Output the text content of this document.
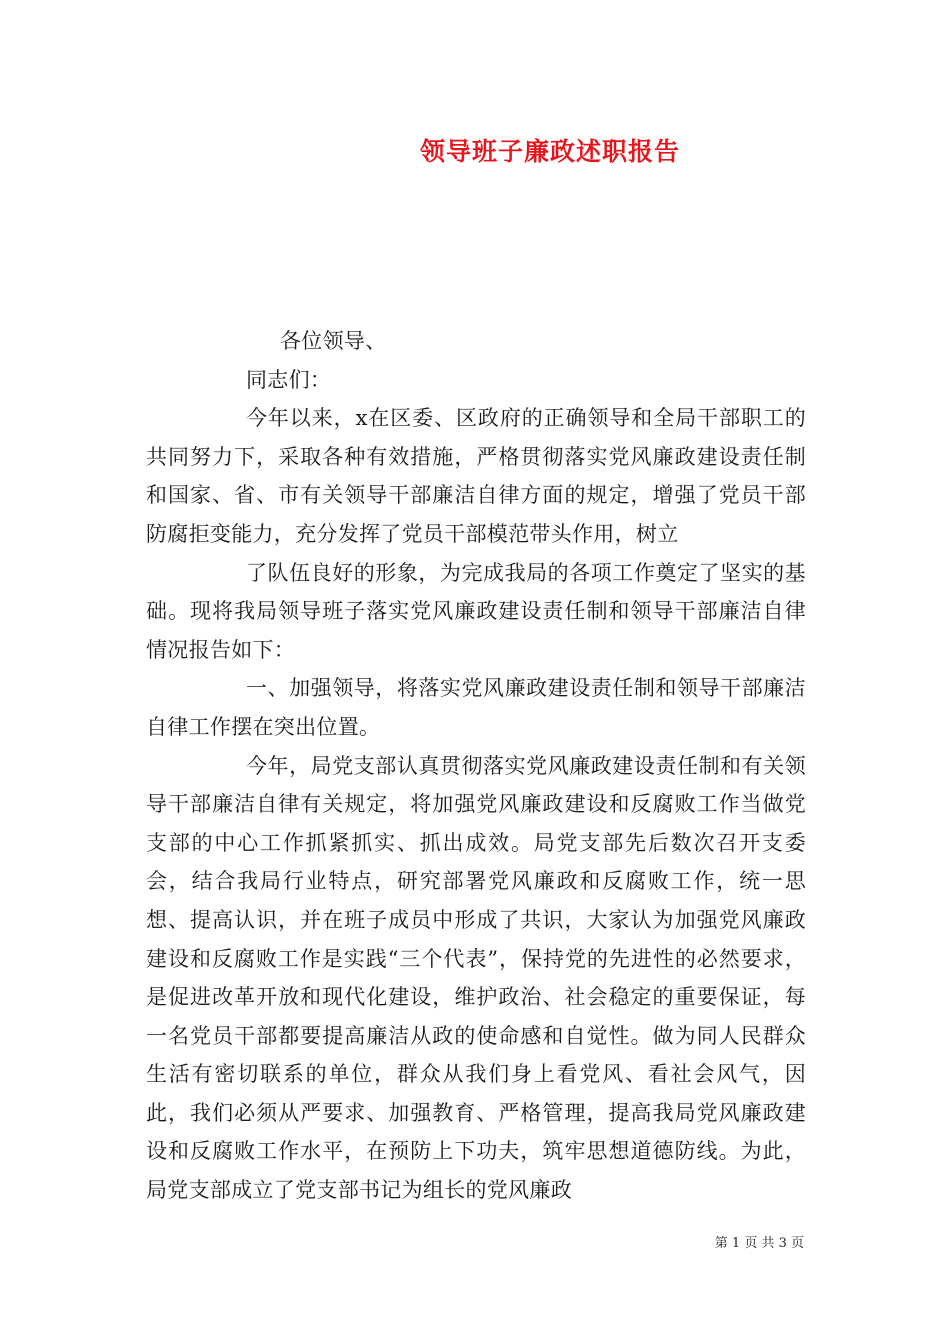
领导班子廉政述职报告

各位领导、

同志们：

今年以来，x在区委、区政府的正确领导和全局干部职工的共同努力下，采取各种有效措施，严格贯彻落实党风廉政建设责任制和国家、省、市有关领导干部廉洁自律方面的规定，增强了党员干部防腐拒变能力，充分发挥了党员干部模范带头作用，树立

了队伍良好的形象，为完成我局的各项工作奠定了坚实的基础。现将我局领导班子落实党风廉政建设责任制和领导干部廉洁自律情况报告如下：

一、加强领导，将落实党风廉政建设责任制和领导干部廉洁自律工作摆在突出位置。

今年，局党支部认真贯彻落实党风廉政建设责任制和有关领导干部廉洁自律有关规定，将加强党风廉政建设和反腐败工作当做党支部的中心工作抓紧抓实、抓出成效。局党支部先后数次召开支委会，结合我局行业特点，研究部署党风廉政和反腐败工作，统一思想、提高认识，并在班子成员中形成了共识，大家认为加强党风廉政建设和反腐败工作是实践“三个代表”，保持党的先进性的必然要求，是促进改革开放和现代化建设，维护政治、社会稳定的重要保证，每一名党员干部都要提高廉洁从政的使命感和自觉性。做为同人民群众生活有密切联系的单位，群众从我们身上看党风、看社会风气，因此，我们必须从严要求、加强教育、严格管理，提高我局党风廉政建设和反腐败工作水平，在预防上下功夫，筑牢思想道德防线。为此，局党支部成立了党支部书记为组长的党风廉政

第 1 页 共 3 页
